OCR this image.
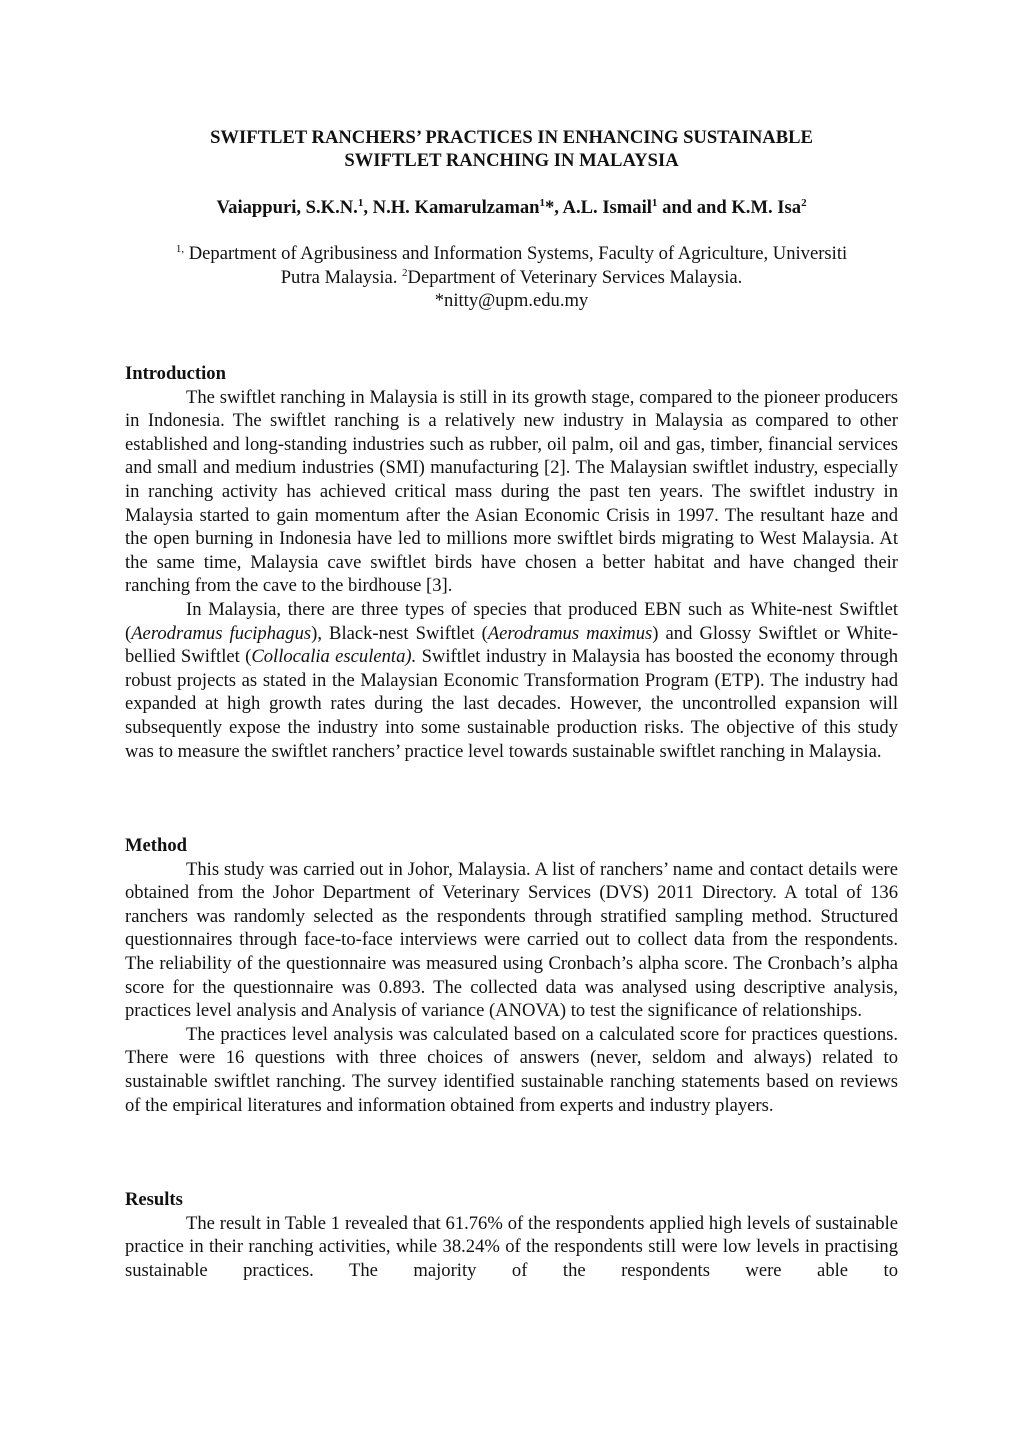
SWIFTLET RANCHERS’ PRACTICES IN ENHANCING SUSTAINABLE
SWIFTLET RANCHING IN MALAYSIA
Vaiappuri, S.K.N.$^1$, N.H. Kamarulzaman$^1$*, A.L. Ismail$^1$ and and K.M. Isa$^2$
$^{1,}$ Department of Agribusiness and Information Systems, Faculty of Agriculture, Universiti
Putra Malaysia. $^2$Department of Veterinary Services Malaysia.
*nitty@upm.edu.my
Introduction

The swiftlet ranching in Malaysia is still in its growth stage, compared to the pioneer producers in Indonesia. The swiftlet ranching is a relatively new industry in Malaysia as compared to other established and long-standing industries such as rubber, oil palm, oil and gas, timber, financial services and small and medium industries (SMI) manufacturing [2]. The Malaysian swiftlet industry, especially in ranching activity has achieved critical mass during the past ten years. The swiftlet industry in Malaysia started to gain momentum after the Asian Economic Crisis in 1997. The resultant haze and the open burning in Indonesia have led to millions more swiftlet birds migrating to West Malaysia. At the same time, Malaysia cave swiftlet birds have chosen a better habitat and have changed their ranching from the cave to the birdhouse [3].

In Malaysia, there are three types of species that produced EBN such as White-nest Swiftlet (Aerodramus fuciphagus), Black-nest Swiftlet (Aerodramus maximus) and Glossy Swiftlet or White-bellied Swiftlet (Collocalia esculenta). Swiftlet industry in Malaysia has boosted the economy through robust projects as stated in the Malaysian Economic Transformation Program (ETP). The industry had expanded at high growth rates during the last decades. However, the uncontrolled expansion will subsequently expose the industry into some sustainable production risks. The objective of this study was to measure the swiftlet ranchers’ practice level towards sustainable swiftlet ranching in Malaysia.

Method

This study was carried out in Johor, Malaysia. A list of ranchers’ name and contact details were obtained from the Johor Department of Veterinary Services (DVS) 2011 Directory. A total of 136 ranchers was randomly selected as the respondents through stratified sampling method. Structured questionnaires through face-to-face interviews were carried out to collect data from the respondents. The reliability of the questionnaire was measured using Cronbach’s alpha score. The Cronbach’s alpha score for the questionnaire was 0.893. The collected data was analysed using descriptive analysis, practices level analysis and Analysis of variance (ANOVA) to test the significance of relationships.

The practices level analysis was calculated based on a calculated score for practices questions. There were 16 questions with three choices of answers (never, seldom and always) related to sustainable swiftlet ranching. The survey identified sustainable ranching statements based on reviews of the empirical literatures and information obtained from experts and industry players.

Results

The result in Table 1 revealed that 61.76% of the respondents applied high levels of sustainable practice in their ranching activities, while 38.24% of the respondents still were low levels in practising sustainable practices. The majority of the respondents were able to
